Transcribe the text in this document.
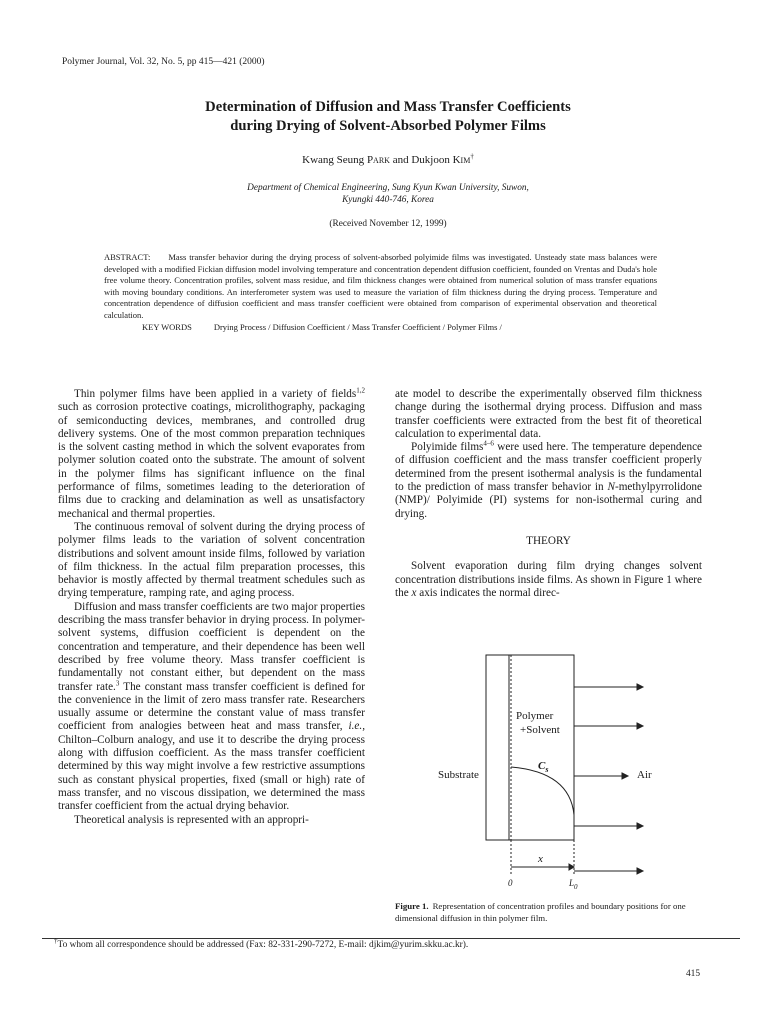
Polymer Journal, Vol. 32, No. 5, pp 415—421 (2000)
Determination of Diffusion and Mass Transfer Coefficients
during Drying of Solvent-Absorbed Polymer Films
Kwang Seung Park and Dukjoon Kim†
Department of Chemical Engineering, Sung Kyun Kwan University, Suwon,
Kyungki 440-746, Korea
(Received November 12, 1999)
ABSTRACT: Mass transfer behavior during the drying process of solvent-absorbed polyimide films was investigated. Unsteady state mass balances were developed with a modified Fickian diffusion model involving temperature and concentration dependent diffusion coefficient, founded on Vrentas and Duda's hole free volume theory. Concentration profiles, solvent mass residue, and film thickness changes were obtained from numerical solution of mass transfer equations with moving boundary conditions. An interferometer system was used to measure the variation of film thickness during the drying process. Temperature and concentration dependence of diffusion coefficient and mass transfer coefficient were obtained from comparison of experimental observation and theoretical calculation.
KEY WORDS	Drying Process / Diffusion Coefficient / Mass Transfer Coefficient / Polymer Films /

Thin polymer films have been applied in a variety of fields$^{1,2}$ such as corrosion protective coatings, microlithography, packaging of semiconducting devices, membranes, and controlled drug delivery systems. One of the most common preparation techniques is the solvent casting method in which the solvent evaporates from polymer solution coated onto the substrate. The amount of solvent in the polymer films has significant influence on the final performance of films, sometimes leading to the deterioration of films due to cracking and delamination as well as unsatisfactory mechanical and thermal properties.

The continuous removal of solvent during the drying process of polymer films leads to the variation of solvent concentration distributions and solvent amount inside films, followed by variation of film thickness. In the actual film preparation processes, this behavior is mostly affected by thermal treatment schedules such as drying temperature, ramping rate, and aging process.

Diffusion and mass transfer coefficients are two major properties describing the mass transfer behavior in drying process. In polymer-solvent systems, diffusion coefficient is dependent on the concentration and temperature, and their dependence has been well described by free volume theory. Mass transfer coefficient is fundamentally not constant either, but dependent on the mass transfer rate.$^3$ The constant mass transfer coefficient is defined for the convenience in the limit of zero mass transfer rate. Researchers usually assume or determine the constant value of mass transfer coefficient from analogies between heat and mass transfer, i.e., Chilton–Colburn analogy, and use it to describe the drying process along with diffusion coefficient. As the mass transfer coefficient determined by this way might involve a few restrictive assumptions such as constant physical properties, fixed (small or high) rate of mass transfer, and no viscous dissipation, we determined the mass transfer coefficient from the actual drying behavior.

Theoretical analysis is represented with an appropri-

ate model to describe the experimentally observed film thickness change during the isothermal drying process. Diffusion and mass transfer coefficients were extracted from the best fit of theoretical calculation to experimental data.

Polyimide films$^{4-6}$ were used here. The temperature dependence of diffusion coefficient and the mass transfer coefficient properly determined from the present isothermal analysis is the fundamental to the prediction of mass transfer behavior in N-methylpyrrolidone (NMP)/ Polyimide (PI) systems for non-isothermal curing and drying.

THEORY

Solvent evaporation during film drying changes solvent concentration distributions inside films. As shown in Figure 1 where the x axis indicates the normal direc-

Polymer
+Solvent
Substrate	Air
$C_s$
x
0	$L_0$
Figure 1. Representation of concentration profiles and boundary positions for one dimensional diffusion in thin polymer film.
†To whom all correspondence should be addressed (Fax: 82-331-290-7272, E-mail: djkim@yurim.skku.ac.kr).
415
